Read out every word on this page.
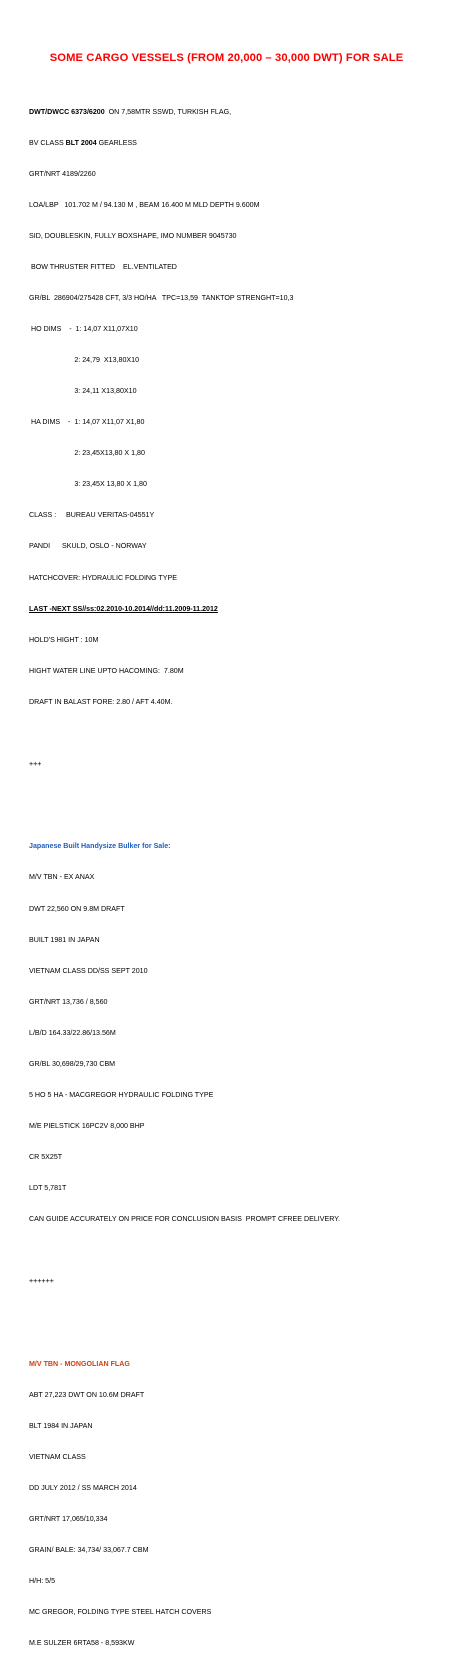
SOME CARGO VESSELS (FROM 20,000 – 30,000 DWT) FOR SALE

DWT/DWCC 6373/6200  ON 7,58MTR SSWD, TURKISH FLAG,

BV CLASS BLT 2004 GEARLESS

GRT/NRT 4189/2260

LOA/LBP   101.702 M / 94.130 M , BEAM 16.400 M MLD DEPTH 9.600M

SID, DOUBLESKIN, FULLY BOXSHAPE, IMO NUMBER 9045730

BOW THRUSTER FITTED    EL.VENTILATED

GR/BL  286904/275428 CFT, 3/3 HO/HA   TPC=13,59  TANKTOP STRENGHT=10,3

HO DIMS    -  1: 14,07 X11,07X10

2: 24,79  X13,80X10

3: 24,11 X13,80X10

HA DIMS    -  1: 14,07 X11,07 X1,80

2: 23,45X13,80 X 1,80

3: 23,45X 13,80 X 1,80

CLASS :     BUREAU VERITAS-04551Y

PANDI      SKULD, OSLO - NORWAY

HATCHCOVER: HYDRAULIC FOLDING TYPE

LAST -NEXT SS//ss:02.2010-10.2014//dd:11.2009-11.2012

HOLD'S HIGHT : 10M

HIGHT WATER LINE UPTO HACOMING:  7.80M

DRAFT IN BALAST FORE: 2.80 / AFT 4.40M.

+++

Japanese Built Handysize Bulker for Sale:

M/V TBN - EX ANAX

DWT 22,560 ON 9.8M DRAFT

BUILT 1981 IN JAPAN

VIETNAM CLASS DD/SS SEPT 2010

GRT/NRT 13,736 / 8,560

L/B/D 164.33/22.86/13.56M

GR/BL 30,698/29,730 CBM

5 HO 5 HA - MACGREGOR HYDRAULIC FOLDING TYPE

M/E PIELSTICK 16PC2V 8,000 BHP

CR 5X25T

LDT 5,781T

CAN GUIDE ACCURATELY ON PRICE FOR CONCLUSION BASIS  PROMPT CFREE DELIVERY.

++++++

M/V TBN - MONGOLIAN FLAG

ABT 27,223 DWT ON 10.6M DRAFT

BLT 1984 IN JAPAN

VIETNAM CLASS

DD JULY 2012 / SS MARCH 2014

GRT/NRT 17,065/10,334

GRAIN/ BALE: 34,734/ 33,067.7 CBM

H/H: 5/5

MC GREGOR, FOLDING TYPE STEEL HATCH COVERS

M.E SULZER 6RTA58 - 8,593KW
